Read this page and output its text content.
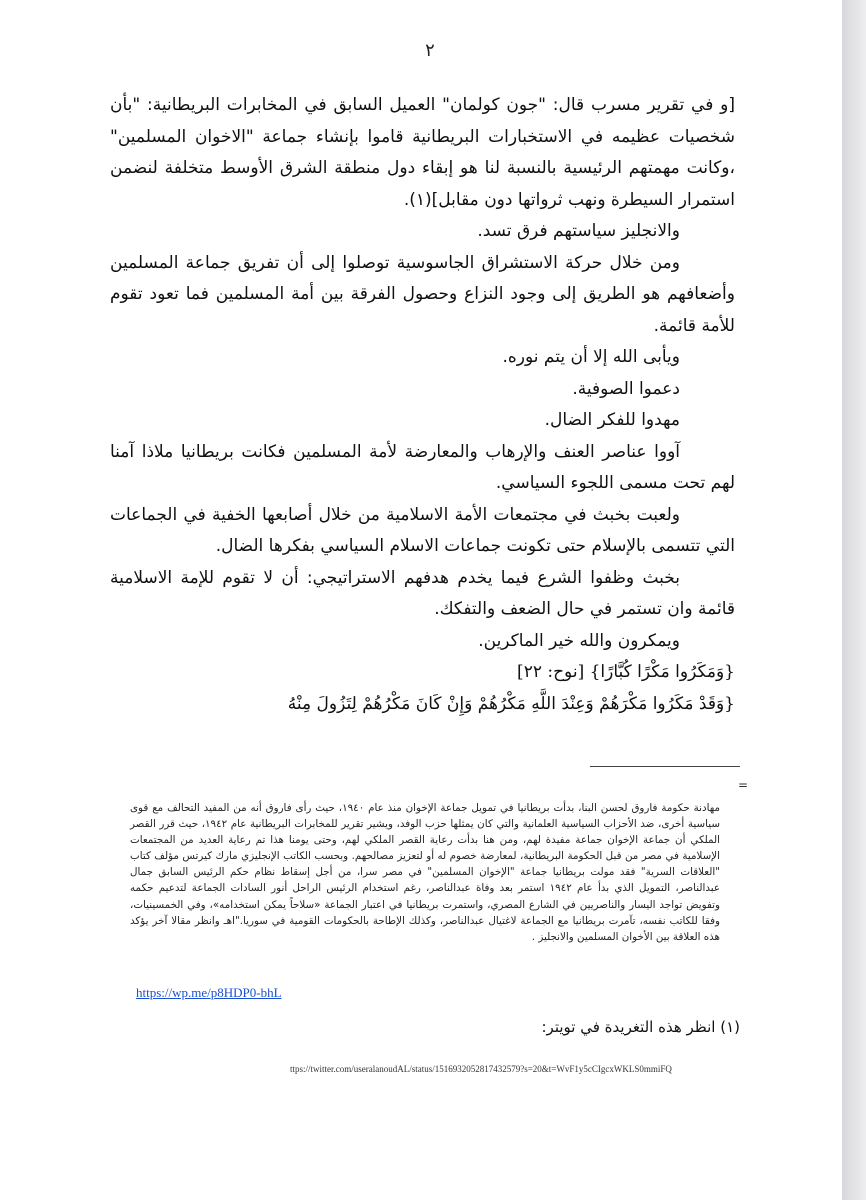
٢

[و في تقرير مسرب قال: "جون كولمان" العميل السابق في المخابرات البريطانية: "بأن شخصيات عظيمه في الاستخبارات البريطانية قاموا بإنشاء جماعة "الاخوان المسلمين" ،وكانت مهمتهم الرئيسية بالنسبة لنا هو إبقاء دول منطقة الشرق الأوسط متخلفة لنضمن استمرار السيطرة ونهب ثرواتها دون مقابل](١).

والانجليز سياستهم فرق تسد.

ومن خلال حركة الاستشراق الجاسوسية توصلوا إلى أن تفريق جماعة المسلمين وأضعافهم هو الطريق إلى وجود النزاع وحصول الفرقة بين أمة المسلمين فما تعود تقوم للأمة قائمة.

ويأبى الله إلا أن يتم نوره.

دعموا الصوفية.

مهدوا للفكر الضال.

آووا عناصر العنف والإرهاب والمعارضة لأمة المسلمين فكانت بريطانيا ملاذا آمنا لهم تحت مسمى اللجوء السياسي.

ولعبت بخبث في مجتمعات الأمة الاسلامية من خلال أصابعها الخفية في الجماعات التي تتسمى بالإسلام حتى تكونت جماعات الاسلام السياسي بفكرها الضال.

بخبث وظفوا الشرع فيما يخدم هدفهم الاستراتيجي: أن لا تقوم للإمة الاسلامية قائمة وان تستمر في حال الضعف والتفكك.

ويمكرون والله خير الماكرين.

{وَمَكَرُوا مَكْرًا كُبَّارًا} [نوح: ٢٢]

{وَقَدْ مَكَرُوا مَكْرَهُمْ وَعِنْدَ اللَّهِ مَكْرُهُمْ وَإِنْ كَانَ مَكْرُهُمْ لِتَزُولَ مِنْهُ

=
مهادنة حكومة فاروق لحسن البنا، بدأت بريطانيا في تمويل جماعة الإخوان منذ عام ١٩٤٠، حيث رأى فاروق أنه من المفيد التحالف مع قوى سياسية أخرى، ضد الأحزاب السياسية العلمانية والتي كان يمثلها حزب الوفد، ويشير تقرير للمخابرات البريطانية عام ١٩٤٢، حيث قرر القصر الملكي أن جماعة الإخوان جماعة مفيدة لهم، ومن هنا بدأت رعاية القصر الملكي لهم، وحتى يومنا هذا تم رعاية العديد من المجتمعات الإسلامية في مصر من قبل الحكومة البريطانية، لمعارضة خصوم له أو لتعزيز مصالحهم. وبحسب الكاتب الإنجليزي مارك كيرتس مؤلف كتاب "العلاقات السرية" فقد مولت بريطانيا جماعة "الإخوان المسلمين" في مصر سرا، من أجل إسقاط نظام حكم الرئيس السابق جمال عبدالناصر، التمويل الذي بدأ عام ١٩٤٢ استمر بعد وفاة عبدالناصر، رغم استخدام الرئيس الراحل أنور السادات الجماعة لتدعيم حكمه وتفويض تواجد اليسار والناصريين في الشارع المصري، واستمرت بريطانيا في اعتبار الجماعة «سلاحاً يمكن استخدامه»، وفي الخمسينيات، وفقا للكاتب نفسه، تآمرت بريطانيا مع الجماعة لاغتيال عبدالناصر، وكذلك الإطاحة بالحكومات القومية في سوريا."اهـ وانظر مقالا آخر يؤكد هذه العلاقة بين الأخوان المسلمين والانجليز .
https://wp.me/p8HDP0-bhL
(١) انظر هذه التغريدة في تويتر:
ttps://twitter.com/useralanoudAL/status/1516932052817432579?s=20&t=WvF1y5cCIgcxWKLS0mmiFQ
